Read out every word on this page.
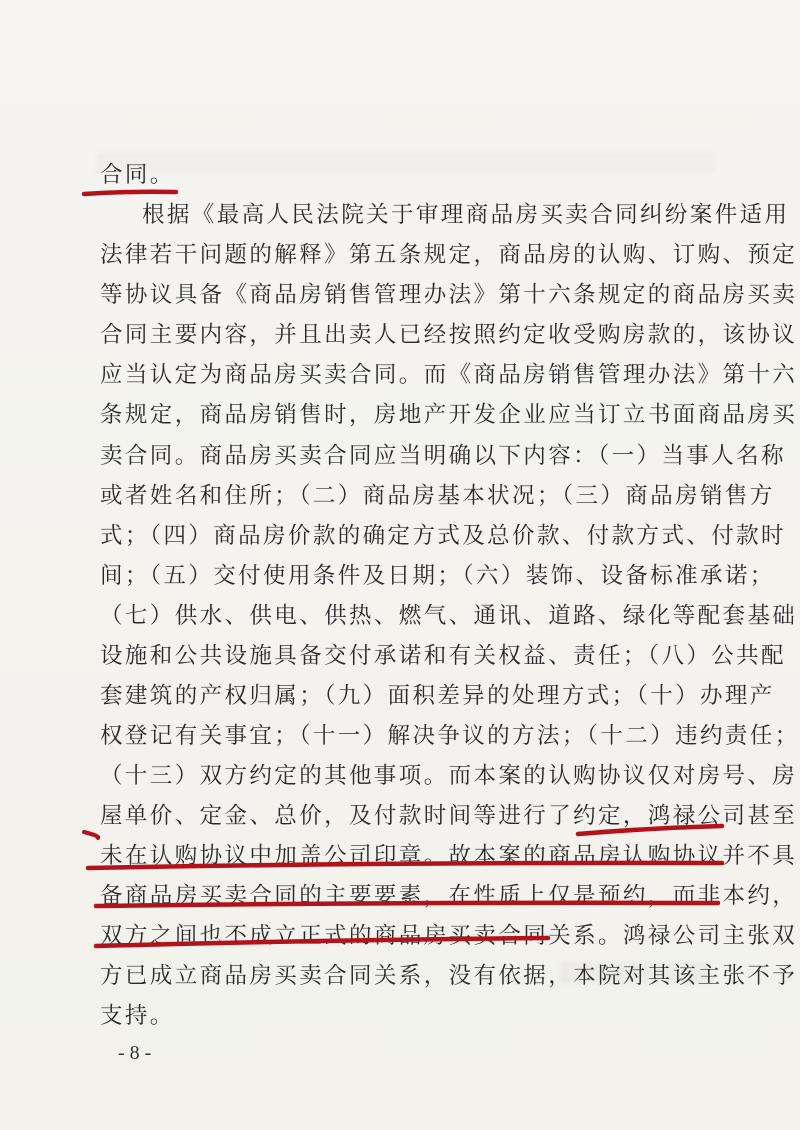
合同。
根据《最高人民法院关于审理商品房买卖合同纠纷案件适用
法律若干问题的解释》第五条规定，商品房的认购、订购、预定
等协议具备《商品房销售管理办法》第十六条规定的商品房买卖
合同主要内容，并且出卖人已经按照约定收受购房款的，该协议
应当认定为商品房买卖合同。而《商品房销售管理办法》第十六
条规定，商品房销售时，房地产开发企业应当订立书面商品房买
卖合同。商品房买卖合同应当明确以下内容：（一）当事人名称
或者姓名和住所；（二）商品房基本状况；（三）商品房销售方
式；（四）商品房价款的确定方式及总价款、付款方式、付款时
间；（五）交付使用条件及日期；（六）装饰、设备标准承诺；
（七）供水、供电、供热、燃气、通讯、道路、绿化等配套基础
设施和公共设施具备交付承诺和有关权益、责任；（八）公共配
套建筑的产权归属；（九）面积差异的处理方式；（十）办理产
权登记有关事宜；（十一）解决争议的方法；（十二）违约责任；
（十三）双方约定的其他事项。而本案的认购协议仅对房号、房
屋单价、定金、总价，及付款时间等进行了约定，鸿禄公司甚至
未在认购协议中加盖公司印章。故本案的商品房认购协议并不具
备商品房买卖合同的主要要素，在性质上仅是预约，而非本约，
双方之间也不成立正式的商品房买卖合同关系。鸿禄公司主张双
方已成立商品房买卖合同关系，没有依据，本院对其该主张不予
支持。
- 8 -
